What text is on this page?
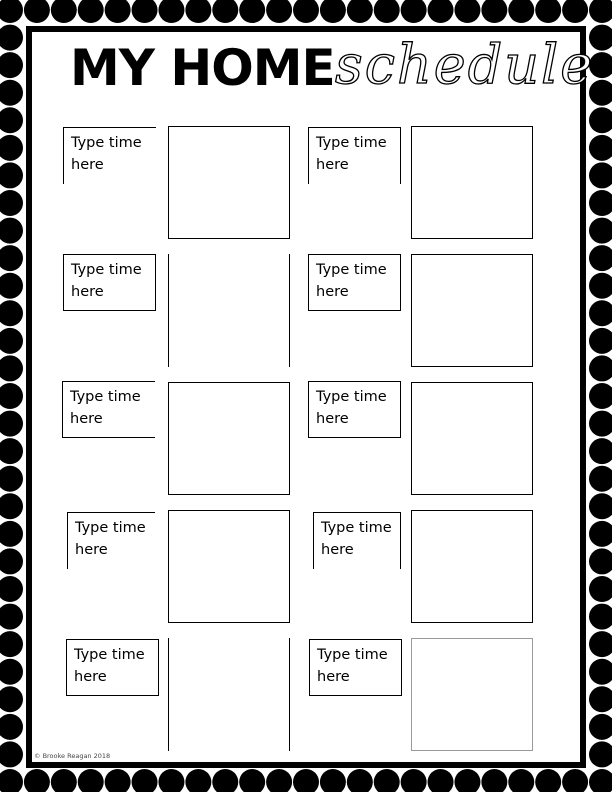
MY HOME schedule
Type time here
Type time here
Type time here
Type time here
Type time here
Type time here
Type time here
Type time here
Type time here
Type time here
© Brooke Reagan 2018
